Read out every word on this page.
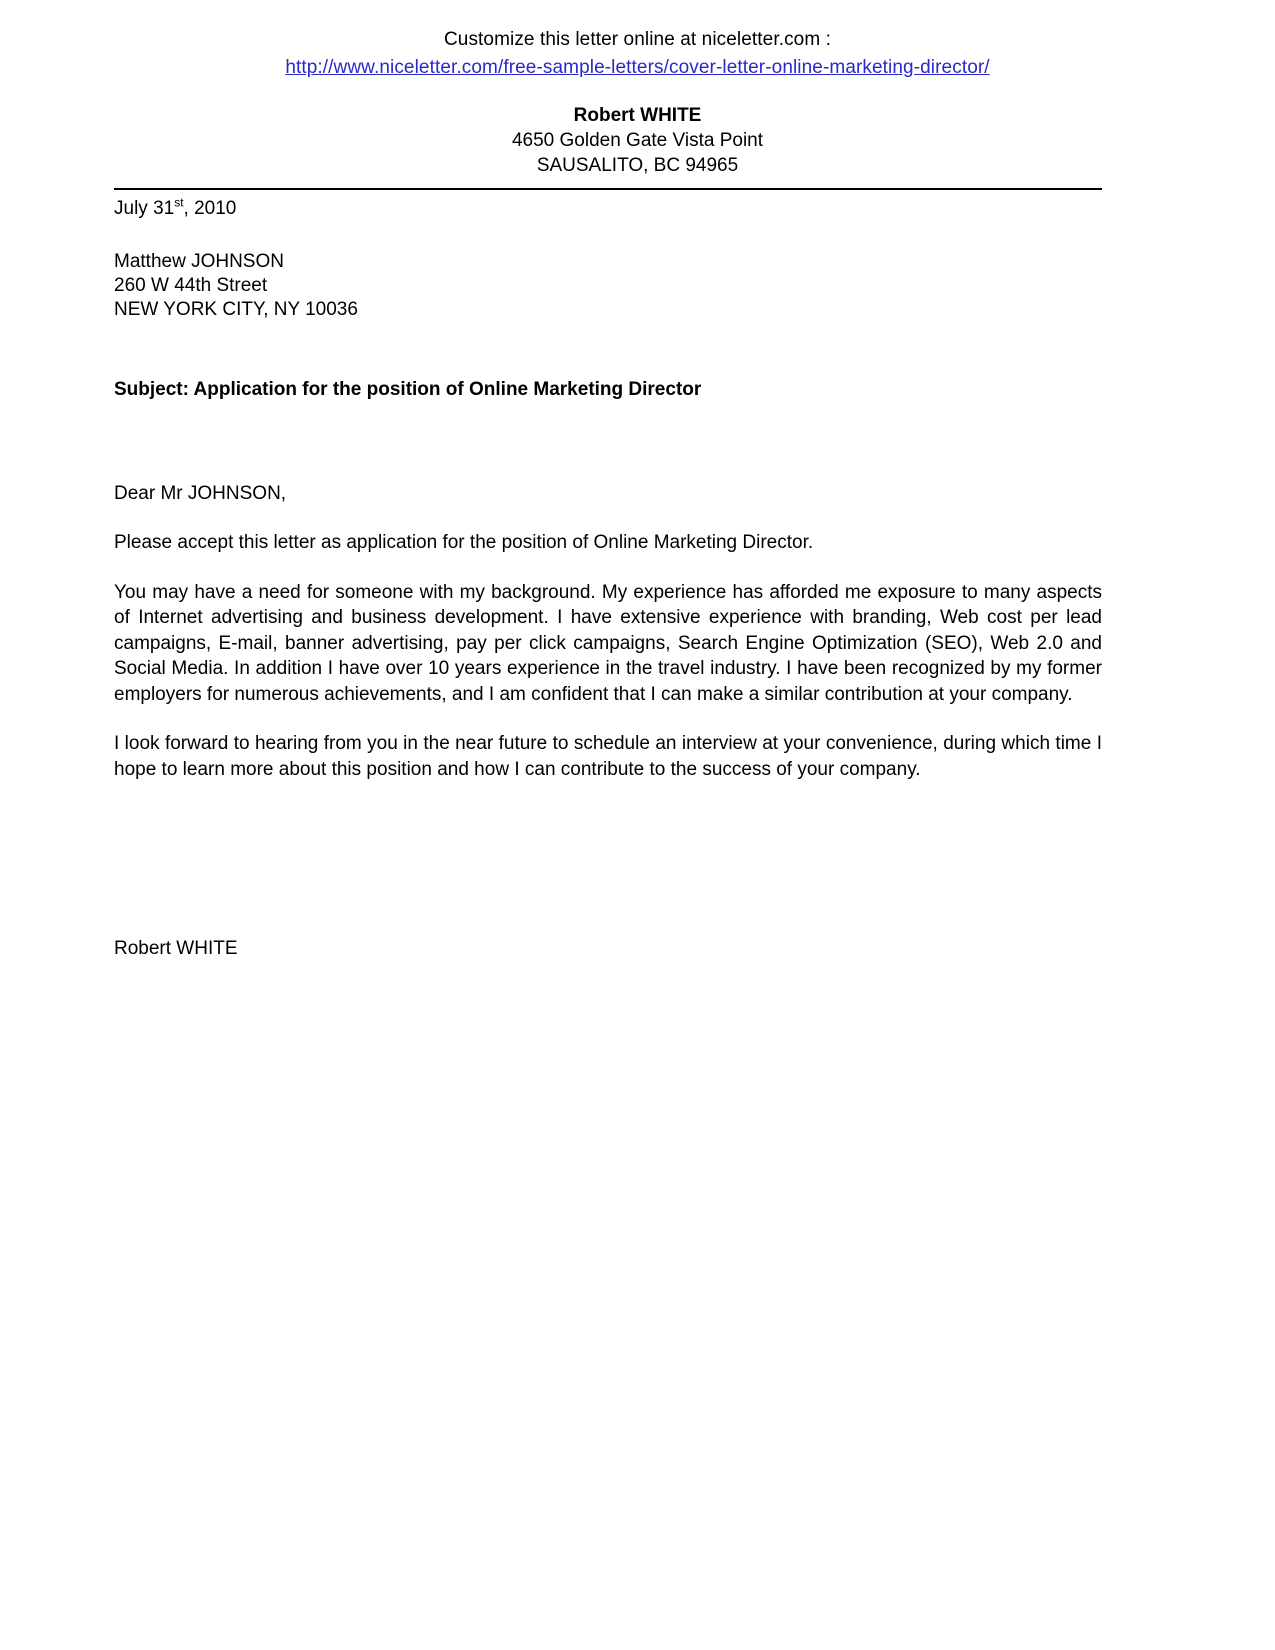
Customize this letter online at niceletter.com :
http://www.niceletter.com/free-sample-letters/cover-letter-online-marketing-director/
Robert WHITE
4650 Golden Gate Vista Point
SAUSALITO, BC 94965
July 31st, 2010
Matthew JOHNSON
260 W 44th Street
NEW YORK CITY, NY 10036
Subject: Application for the position of Online Marketing Director
Dear Mr JOHNSON,

Please accept this letter as application for the position of Online Marketing Director.

You may have a need for someone with my background. My experience has afforded me exposure to many aspects of Internet advertising and business development. I have extensive experience with branding, Web cost per lead campaigns, E-mail, banner advertising, pay per click campaigns, Search Engine Optimization (SEO), Web 2.0 and Social Media. In addition I have over 10 years experience in the travel industry. I have been recognized by my former employers for numerous achievements, and I am confident that I can make a similar contribution at your company.

I look forward to hearing from you in the near future to schedule an interview at your convenience, during which time I hope to learn more about this position and how I can contribute to the success of your company.

Robert WHITE
